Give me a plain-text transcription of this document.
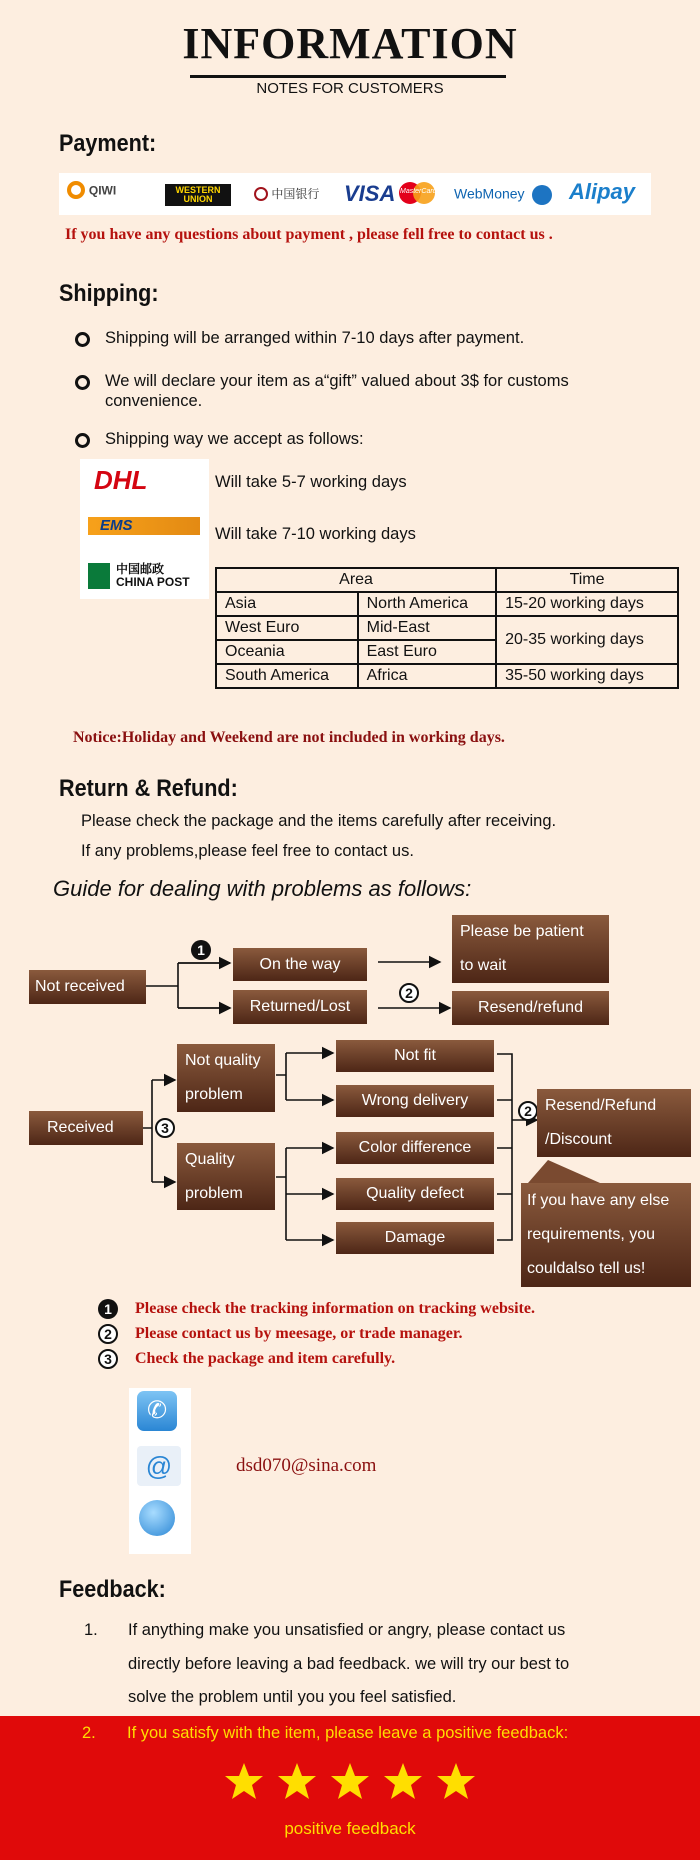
INFORMATION
NOTES FOR CUSTOMERS
Payment:
QIWI	WESTERN UNION	中国银行 VISA MasterCard WebMoney	Alipay
If you have any questions about payment , please fell free to contact us .
Shipping:
Shipping will be arranged within 7-10 days after payment.
We will declare your item as a“gift” valued about 3$ for customs convenience.
Shipping way we accept as follows:
DHL
EMS
中国邮政 CHINA POST
Will take 5-7 working days
Will take 7-10 working days
Area		Time
Asia	North America	15-20 working days
West Euro	Mid-East	20-35 working days
Oceania	East Euro	
South America	Africa	35-50 working days
Notice:Holiday and Weekend are not included in working days.
Return & Refund:
Please check the package and the items carefully after receiving.
If any problems,please feel free to contact us.
Guide for dealing with problems as follows:
Not received
1
On the way
Returned/Lost
2
Please be patient
to wait
Resend/refund
Received	3
Not quality
problem
Quality
problem
Not fit
Wrong delivery
Color difference
Quality defect
Damage
2 Resend/Refund
/Discount
If you have any else
requirements, you
couldalso tell us!
1	Please check the tracking information on tracking website.
2	Please contact us by meesage, or trade manager.
3	Check the package and item carefully.
✆
@	dsd070@sina.com
Feedback:
1. If anything make you unsatisfied or angry, please contact us
directly before leaving a bad feedback. we will try our best to
solve the problem until you you feel satisfied.
2. If you satisfy with the item, please leave a positive feedback:
positive feedback
